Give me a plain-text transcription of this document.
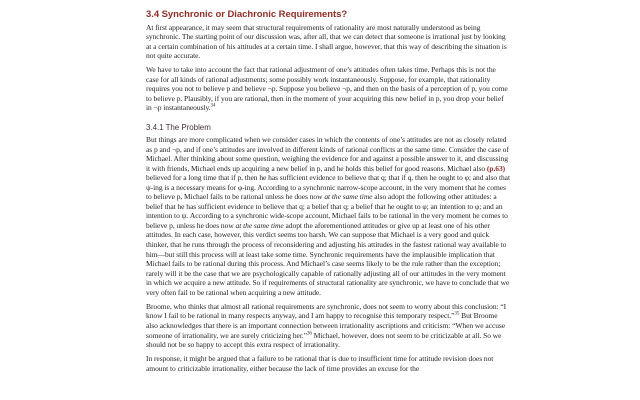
3.4 Synchronic or Diachronic Requirements?

At first appearance, it may seem that structural requirements of rationality are most naturally understood as being synchronic. The starting point of our discussion was, after all, that we can detect that someone is irrational just by looking at a certain combination of his attitudes at a certain time. I shall argue, however, that this way of describing the situation is not quite accurate.

We have to take into account the fact that rational adjustment of one’s attitudes often takes time. Perhaps this is not the case for all kinds of rational adjustments; some possibly work instantaneously. Suppose, for example, that rationality requires you not to believe p and believe ¬p. Suppose you believe ¬p, and then on the basis of a perception of p, you come to believe p. Plausibly, if you are rational, then in the moment of your acquiring this new belief in p, you drop your belief in ¬p instantaneously.$^{34}$

3.4.1 The Problem

But things are more complicated when we consider cases in which the contents of one’s attitudes are not as closely related as p and ¬p, and if one’s attitudes are involved in different kinds of rational conflicts at the same time. Consider the case of Michael. After thinking about some question, weighing the evidence for and against a possible answer to it, and discussing it with friends, Michael ends up acquiring a new belief in p, and he holds this belief for good reasons. Michael also (p.63) believed for a long time that if p, then he has sufficient evidence to believe that q; that if q, then he ought to φ; and also that ψ-ing is a necessary means for φ-ing. According to a synchronic narrow-scope account, in the very moment that he comes to believe p, Michael fails to be rational unless he does now at the same time also adopt the following other attitudes: a belief that he has sufficient evidence to believe that q; a belief that q; a belief that he ought to φ; an intention to φ; and an intention to ψ. According to a synchronic wide-scope account, Michael fails to be rational in the very moment he comes to believe p, unless he does now at the same time adopt the aforementioned attitudes or give up at least one of his other attitudes. In each case, however, this verdict seems too harsh. We can suppose that Michael is a very good and quick thinker, that he runs through the process of reconsidering and adjusting his attitudes in the fastest rational way available to him—but still this process will at least take some time. Synchronic requirements have the implausible implication that Michael fails to be rational during this process. And Michael’s case seems likely to be the rule rather than the exception; rarely will it be the case that we are psychologically capable of rationally adjusting all of our attitudes in the very moment in which we acquire a new attitude. So if requirements of structural rationality are synchronic, we have to conclude that we very often fail to be rational when acquiring a new attitude.

Broome, who thinks that almost all rational requirements are synchronic, does not seem to worry about this conclusion: “I know I fail to be rational in many respects anyway, and I am happy to recognise this temporary respect.”$^{35}$ But Broome also acknowledges that there is an important connection between irrationality ascriptions and criticism: “When we accuse someone of irrationality, we are surely criticizing her.”$^{36}$ Michael, however, does not seem to be criticizable at all. So we should not be so happy to accept this extra respect of irrationality.

In response, it might be argued that a failure to be rational that is due to insufficient time for attitude revision does not amount to criticizable irrationality, either because the lack of time provides an excuse for the
